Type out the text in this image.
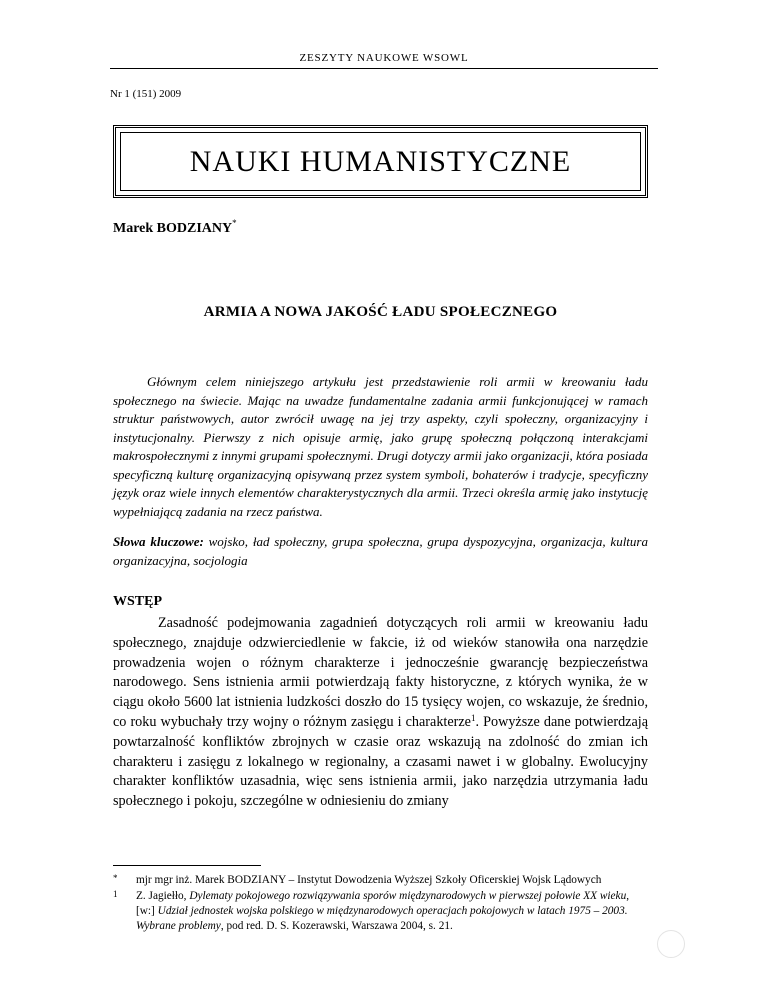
ZESZYTY NAUKOWE WSOWL
Nr 1 (151) 2009
NAUKI HUMANISTYCZNE
Marek BODZIANY*
ARMIA A NOWA JAKOŚĆ ŁADU SPOŁECZNEGO

Głównym celem niniejszego artykułu jest przedstawienie roli armii w kreowaniu ładu społecznego na świecie. Mając na uwadze fundamentalne zadania armii funkcjonującej w ramach struktur państwowych, autor zwrócił uwagę na jej trzy aspekty, czyli społeczny, organizacyjny i instytucjonalny. Pierwszy z nich opisuje armię, jako grupę społeczną połączoną interakcjami makrospołecznymi z innymi grupami społecznymi. Drugi dotyczy armii jako organizacji, która posiada specyficzną kulturę organizacyjną opisywaną przez system symboli, bohaterów i tradycje, specyficzny język oraz wiele innych elementów charakterystycznych dla armii. Trzeci określa armię jako instytucję wypełniającą zadania na rzecz państwa.

Słowa kluczowe: wojsko, ład społeczny, grupa społeczna, grupa dyspozycyjna, organizacja, kultura organizacyjna, socjologia

WSTĘP

Zasadność podejmowania zagadnień dotyczących roli armii w kreowaniu ładu społecznego, znajduje odzwierciedlenie w fakcie, iż od wieków stanowiła ona narzędzie prowadzenia wojen o różnym charakterze i jednocześnie gwarancję bezpieczeństwa narodowego. Sens istnienia armii potwierdzają fakty historyczne, z których wynika, że w ciągu około 5600 lat istnienia ludzkości doszło do 15 tysięcy wojen, co wskazuje, że średnio, co roku wybuchały trzy wojny o różnym zasięgu i charakterze$^1$. Powyższe dane potwierdzają powtarzalność konfliktów zbrojnych w czasie oraz wskazują na zdolność do zmian ich charakteru i zasięgu z lokalnego w regionalny, a czasami nawet i w globalny. Ewolucyjny charakter konfliktów uzasadnia, więc sens istnienia armii, jako narzędzia utrzymania ładu społecznego i pokoju, szczególne w odniesieniu do zmiany

* mjr mgr inż. Marek BODZIANY – Instytut Dowodzenia Wyższej Szkoły Oficerskiej Wojsk Lądowych

1 Z. Jagiełło, Dylematy pokojowego rozwiązywania sporów międzynarodowych w pierwszej połowie XX wieku, [w:] Udział jednostek wojska polskiego w międzynarodowych operacjach pokojowych w latach 1975 – 2003. Wybrane problemy, pod red. D. S. Kozerawski, Warszawa 2004, s. 21.
